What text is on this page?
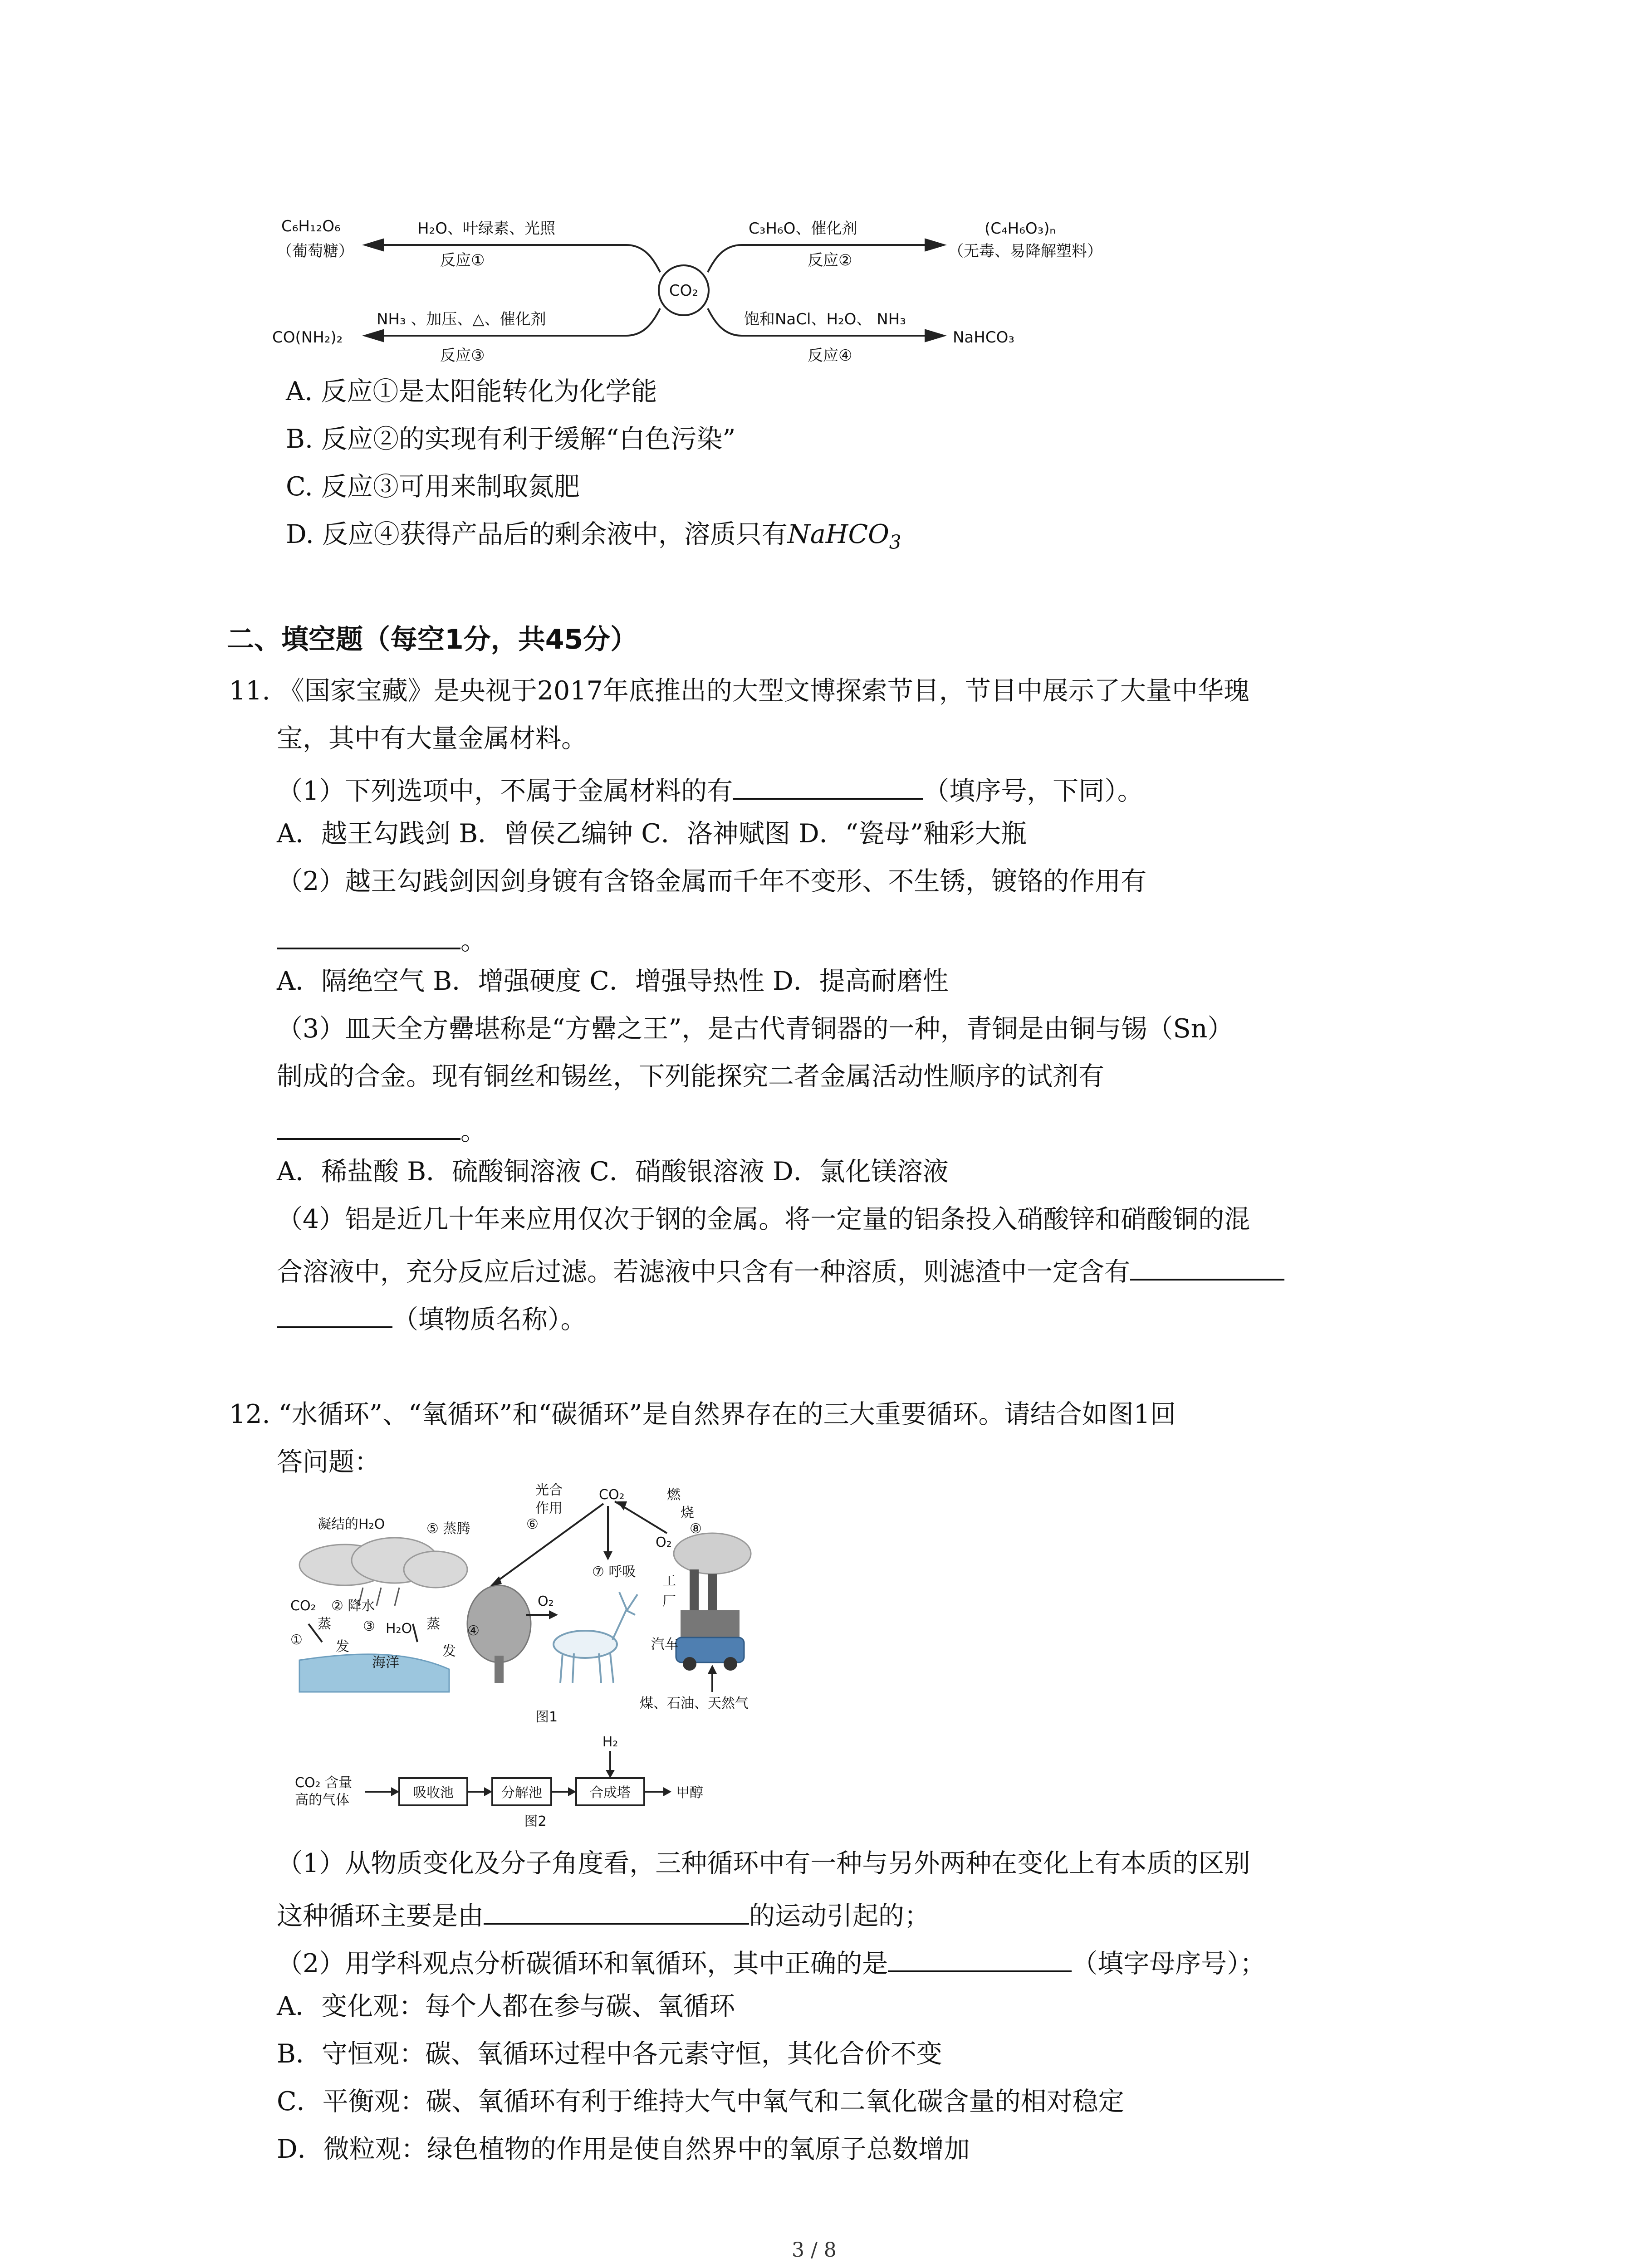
CO₂
C₆H₁₂O₆
（葡萄糖）
H₂O、叶绿素、光照
反应①
C₃H₆O、催化剂
反应②
(C₄H₆O₃)ₙ
（无毒、易降解塑料）
NH₃ 、加压、△、催化剂
反应③
CO(NH₂)₂
饱和NaCl、H₂O、 NH₃
反应④
NaHCO₃
A. 反应①是太阳能转化为化学能
B. 反应②的实现有利于缓解“白色污染”
C. 反应③可用来制取氮肥
D. 反应④获得产品后的剩余液中，溶质只有NaHCO$_3$
二、填空题（每空1分，共45分）
11. 《国家宝藏》是央视于2017年底推出的大型文博探索节目，节目中展示了大量中华瑰
宝，其中有大量金属材料。
（1）下列选项中，不属于金属材料的有	（填序号，下同）。
A．越王勾践剑 B．曾侯乙编钟 C．洛神赋图 D．“瓷母”釉彩大瓶
（2）越王勾践剑因剑身镀有含铬金属而千年不变形、不生锈，镀铬的作用有
。
A．隔绝空气 B．增强硬度 C．增强导热性 D．提高耐磨性
（3）皿天全方罍堪称是“方罍之王”，是古代青铜器的一种，青铜是由铜与锡（Sn）
制成的合金。现有铜丝和锡丝，下列能探究二者金属活动性顺序的试剂有
。
A．稀盐酸 B．硫酸铜溶液 C．硝酸银溶液 D．氯化镁溶液
（4）铝是近几十年来应用仅次于钢的金属。将一定量的铝条投入硝酸锌和硝酸铜的混
合溶液中，充分反应后过滤。若滤液中只含有一种溶质，则滤渣中一定含有
（填物质名称）。
12. “水循环”、“氧循环”和“碳循环”是自然界存在的三大重要循环。请结合如图1回
答问题：
凝结的H₂O	⑤ 蒸腾	⑥
光合
作用
CO₂	燃
烧
⑧
⑦ 呼吸
O₂
O₂
CO₂ ② 降水
①
蒸
发
③ H₂O 蒸
发
④
海洋
工
厂
汽车
煤、石油、天然气
图1
CO₂ 含量
高的气体	吸收池	分解池	合成塔
H₂
甲醇
图2
（1）从物质变化及分子角度看，三种循环中有一种与另外两种在变化上有本质的区别
这种循环主要是由	的运动引起的；
（2）用学科观点分析碳循环和氧循环，其中正确的是	（填字母序号）；
A．变化观：每个人都在参与碳、氧循环
B．守恒观：碳、氧循环过程中各元素守恒，其化合价不变
C．平衡观：碳、氧循环有利于维持大气中氧气和二氧化碳含量的相对稳定
D．微粒观：绿色植物的作用是使自然界中的氧原子总数增加
3 / 8
